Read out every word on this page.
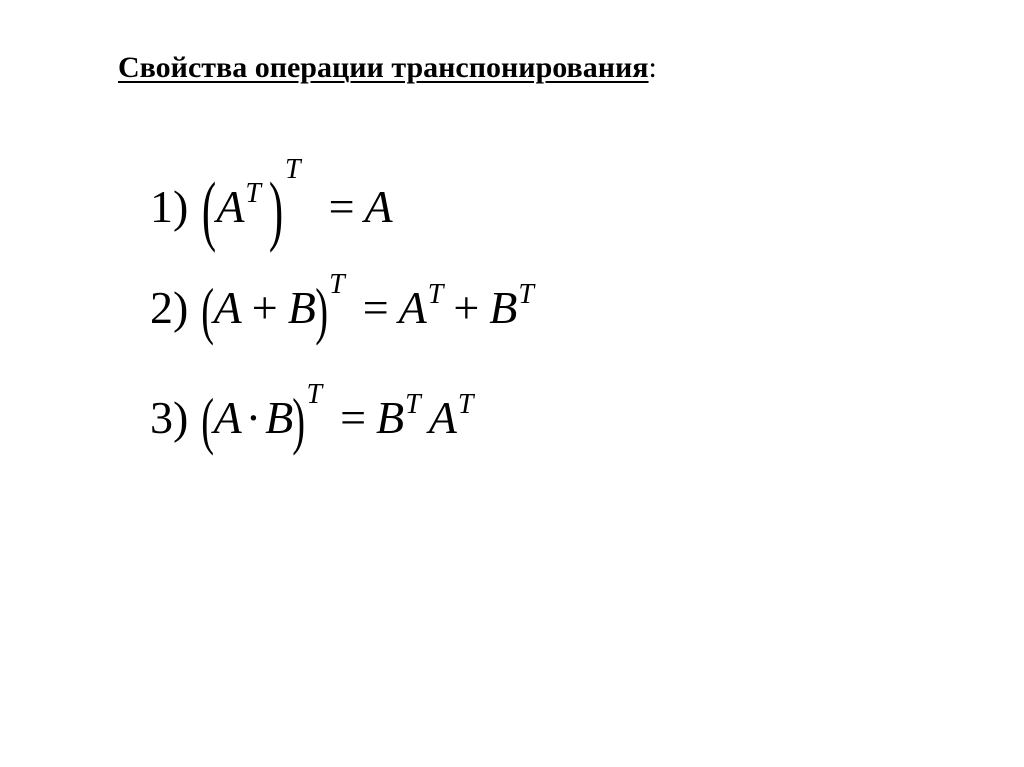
Свойства операции транспонирования:
1) ($A^T$ )$^T$= A
2) $(A + B)^T = A^T + B^T$
3) $(A\cdot B)^T = B^T$ $A^T$
